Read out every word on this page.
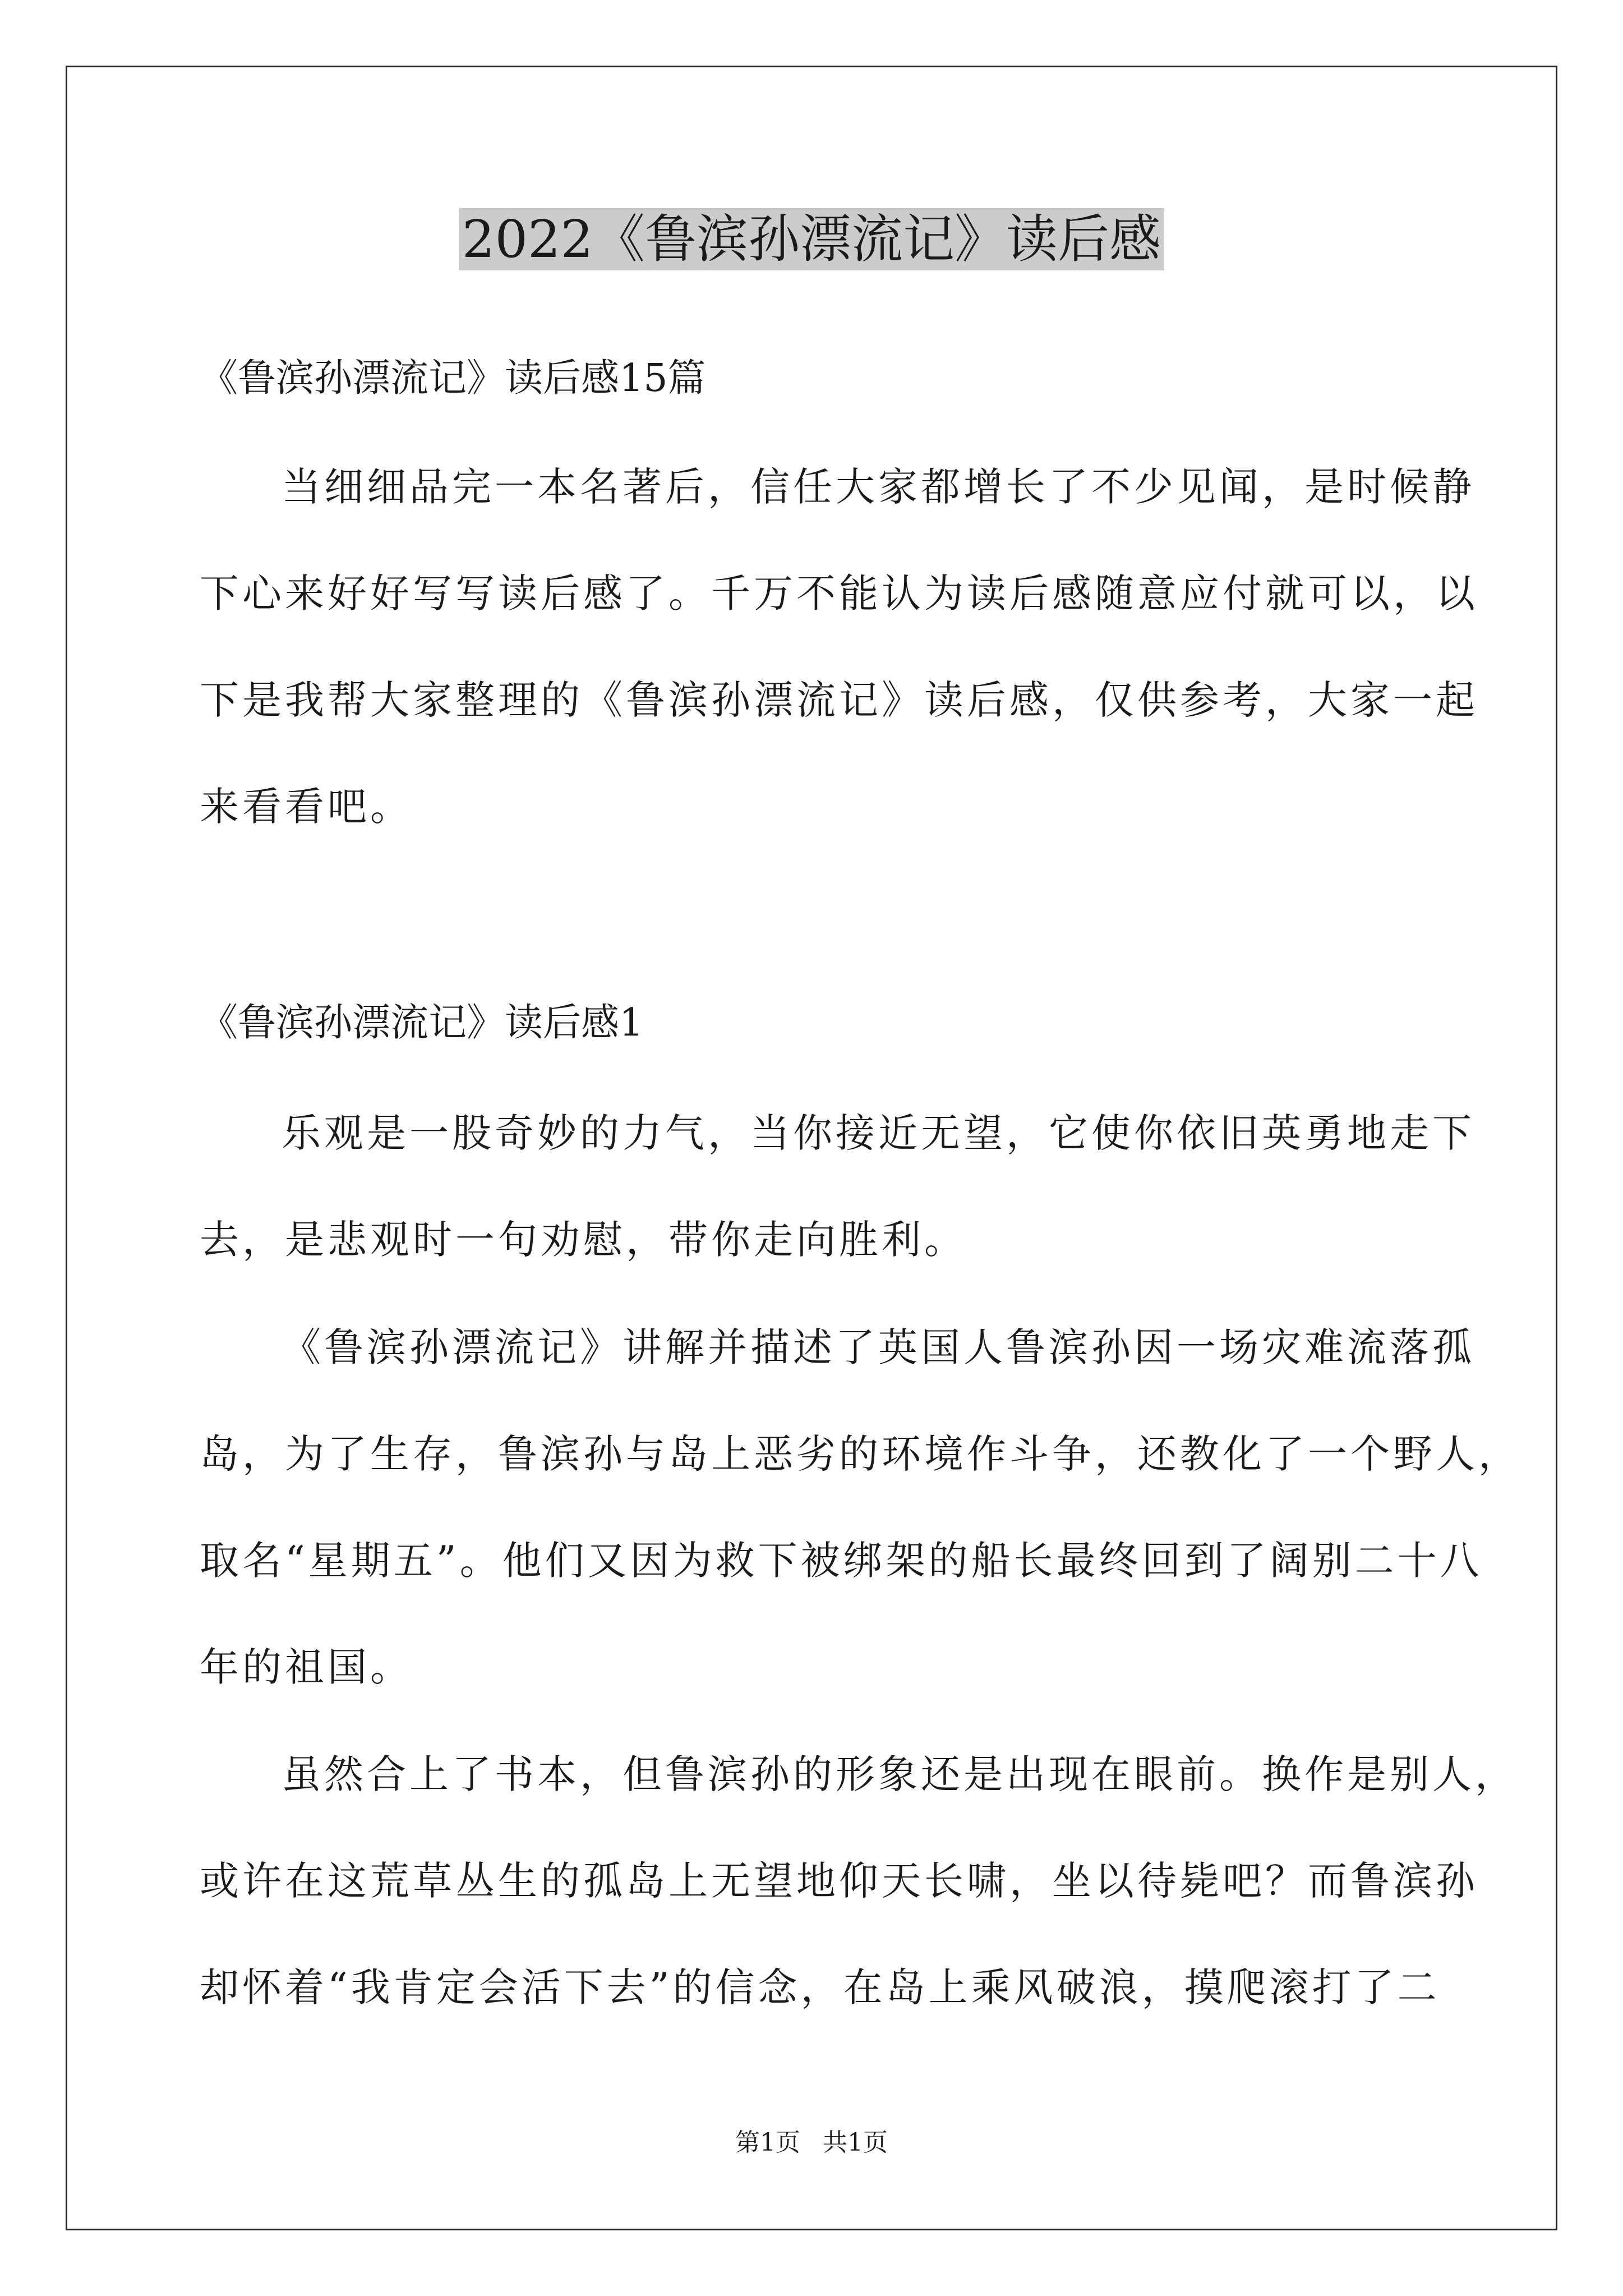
2022《鲁滨孙漂流记》读后感
《鲁滨孙漂流记》读后感15篇
当细细品完一本名著后，信任大家都增长了不少见闻，是时候静
下心来好好写写读后感了。千万不能认为读后感随意应付就可以，以
下是我帮大家整理的《鲁滨孙漂流记》读后感，仅供参考，大家一起
来看看吧。
《鲁滨孙漂流记》读后感1
乐观是一股奇妙的力气，当你接近无望，它使你依旧英勇地走下
去，是悲观时一句劝慰，带你走向胜利。
《鲁滨孙漂流记》讲解并描述了英国人鲁滨孙因一场灾难流落孤
岛，为了生存，鲁滨孙与岛上恶劣的环境作斗争，还教化了一个野人，
取名“星期五”。他们又因为救下被绑架的船长最终回到了阔别二十八
年的祖国。
虽然合上了书本，但鲁滨孙的形象还是出现在眼前。换作是别人，
或许在这荒草丛生的孤岛上无望地仰天长啸，坐以待毙吧？而鲁滨孙
却怀着“我肯定会活下去”的信念，在岛上乘风破浪，摸爬滚打了二
第1页 共1页
